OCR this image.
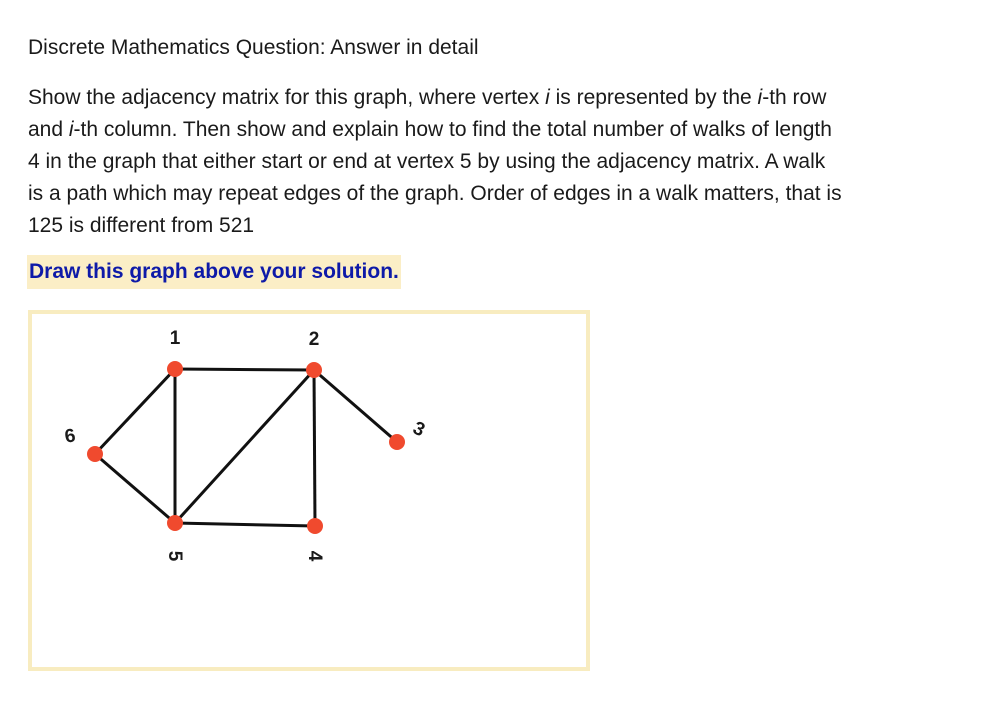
Discrete Mathematics Question: Answer in detail
Show the adjacency matrix for this graph, where vertex i is represented by the i-th row
and i-th column. Then show and explain how to find the total number of walks of length
4 in the graph that either start or end at vertex 5 by using the adjacency matrix. A walk
is a path which may repeat edges of the graph. Order of edges in a walk matters, that is
125 is different from 521
Draw this graph above your solution.
1	2
3
4
5
6
